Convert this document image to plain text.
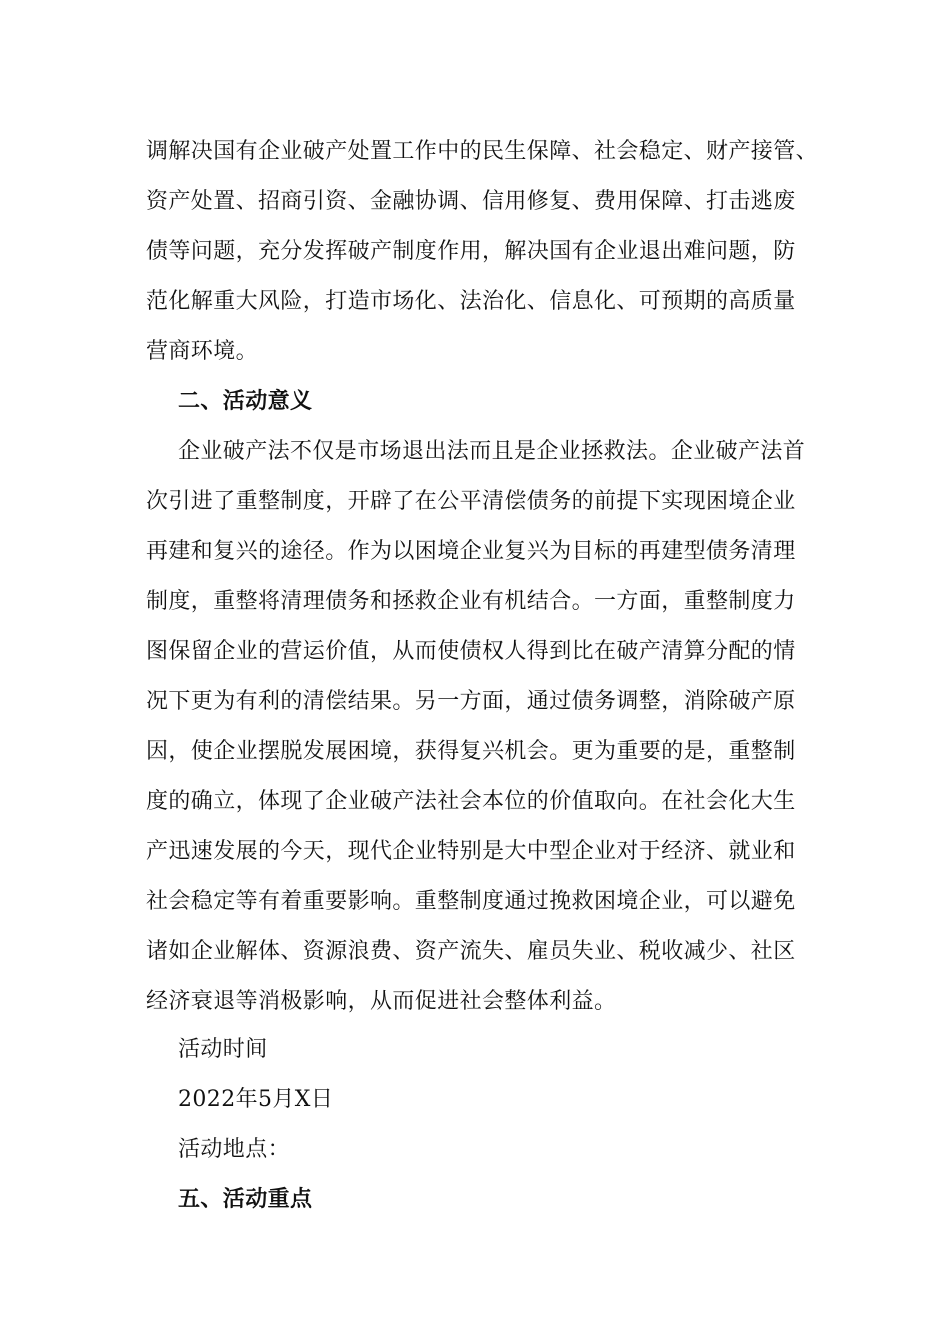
调解决国有企业破产处置工作中的民生保障、社会稳定、财产接管、
资产处置、招商引资、金融协调、信用修复、费用保障、打击逃废
债等问题，充分发挥破产制度作用，解决国有企业退出难问题，防
范化解重大风险，打造市场化、法治化、信息化、可预期的高质量
营商环境。
二、活动意义
企业破产法不仅是市场退出法而且是企业拯救法。企业破产法首
次引进了重整制度，开辟了在公平清偿债务的前提下实现困境企业
再建和复兴的途径。作为以困境企业复兴为目标的再建型债务清理
制度，重整将清理债务和拯救企业有机结合。一方面，重整制度力
图保留企业的营运价值，从而使债权人得到比在破产清算分配的情
况下更为有利的清偿结果。另一方面，通过债务调整，消除破产原
因，使企业摆脱发展困境，获得复兴机会。更为重要的是，重整制
度的确立，体现了企业破产法社会本位的价值取向。在社会化大生
产迅速发展的今天，现代企业特别是大中型企业对于经济、就业和
社会稳定等有着重要影响。重整制度通过挽救困境企业，可以避免
诸如企业解体、资源浪费、资产流失、雇员失业、税收减少、社区
经济衰退等消极影响，从而促进社会整体利益。
活动时间
2022年5月X日
活动地点：
五、活动重点
